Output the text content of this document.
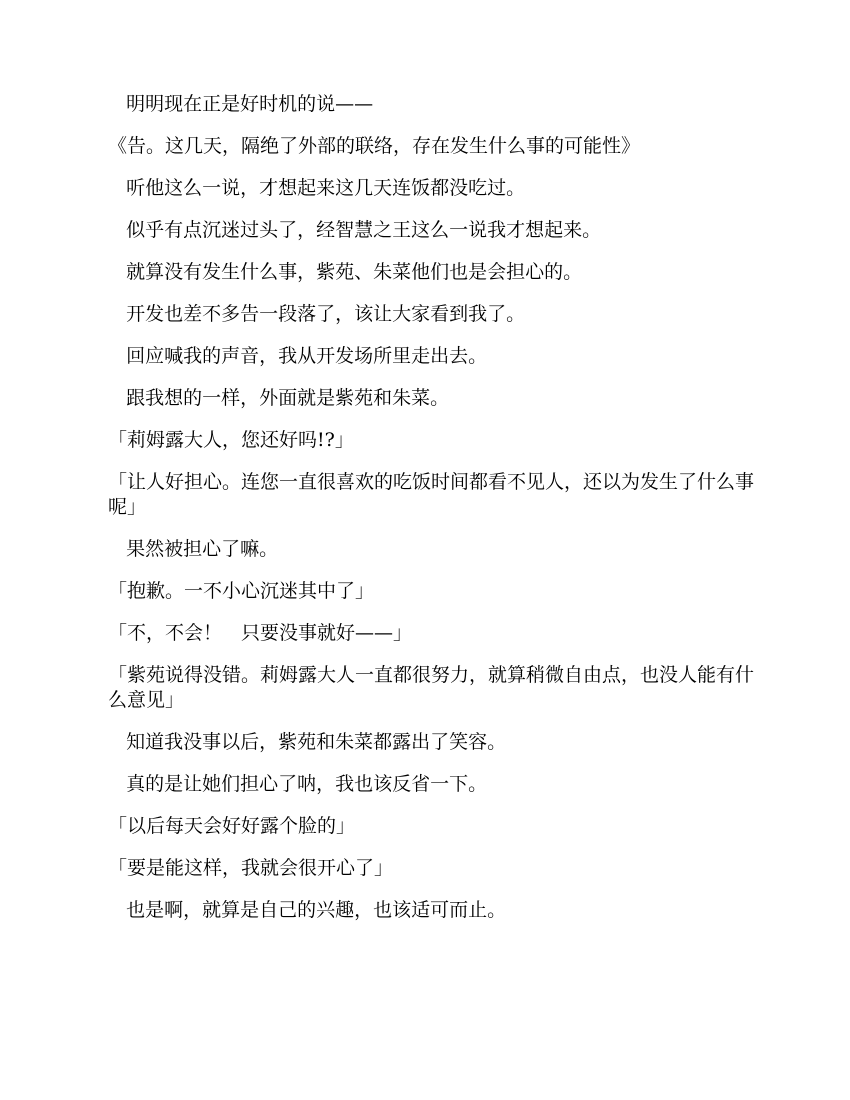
明明现在正是好时机的说——

《告。这几天，隔绝了外部的联络，存在发生什么事的可能性》

听他这么一说，才想起来这几天连饭都没吃过。

似乎有点沉迷过头了，经智慧之王这么一说我才想起来。

就算没有发生什么事，紫苑、朱菜他们也是会担心的。

开发也差不多告一段落了，该让大家看到我了。

回应喊我的声音，我从开发场所里走出去。

跟我想的一样，外面就是紫苑和朱菜。

「莉姆露大人，您还好吗!?」

「让人好担心。连您一直很喜欢的吃饭时间都看不见人，还以为发生了什么事呢」

果然被担心了嘛。

「抱歉。一不小心沉迷其中了」

「不，不会！　只要没事就好——」

「紫苑说得没错。莉姆露大人一直都很努力，就算稍微自由点，也没人能有什么意见」

知道我没事以后，紫苑和朱菜都露出了笑容。

真的是让她们担心了呐，我也该反省一下。

「以后每天会好好露个脸的」

「要是能这样，我就会很开心了」

也是啊，就算是自己的兴趣，也该适可而止。
